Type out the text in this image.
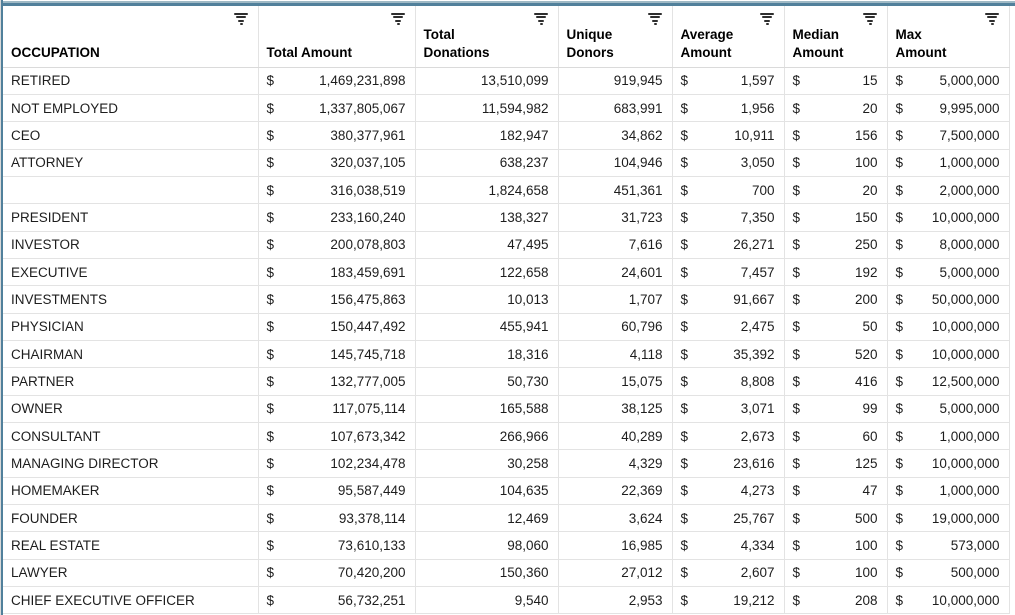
OCCUPATION	Total Amount	Total Donations	Unique Donors	Average Amount	Median Amount	Max Amount
RETIRED	$ 1,469,231,898	13,510,099	919,945	$ 1,597	$ 15	$ 5,000,000

NOT EMPLOYED	$ 1,337,805,067	11,594,982	683,991	$ 1,956	$ 20	$ 9,995,000

CEO	$ 380,377,961	182,947	34,862	$ 10,911	$ 156	$ 7,500,000

ATTORNEY	$ 320,037,105	638,237	104,946	$ 3,050	$ 100	$ 1,000,000

	$ 316,038,519	1,824,658	451,361	$ 700	$ 20	$ 2,000,000

PRESIDENT	$ 233,160,240	138,327	31,723	$ 7,350	$ 150	$ 10,000,000

INVESTOR	$ 200,078,803	47,495	7,616	$ 26,271	$ 250	$ 8,000,000

EXECUTIVE	$ 183,459,691	122,658	24,601	$ 7,457	$ 192	$ 5,000,000

INVESTMENTS	$ 156,475,863	10,013	1,707	$ 91,667	$ 200	$ 50,000,000

PHYSICIAN	$ 150,447,492	455,941	60,796	$ 2,475	$ 50	$ 10,000,000

CHAIRMAN	$ 145,745,718	18,316	4,118	$ 35,392	$ 520	$ 10,000,000

PARTNER	$ 132,777,005	50,730	15,075	$ 8,808	$ 416	$ 12,500,000

OWNER	$ 117,075,114	165,588	38,125	$ 3,071	$ 99	$ 5,000,000

CONSULTANT	$ 107,673,342	266,966	40,289	$ 2,673	$ 60	$ 1,000,000

MANAGING DIRECTOR	$ 102,234,478	30,258	4,329	$ 23,616	$ 125	$ 10,000,000

HOMEMAKER	$ 95,587,449	104,635	22,369	$ 4,273	$ 47	$ 1,000,000

FOUNDER	$ 93,378,114	12,469	3,624	$ 25,767	$ 500	$ 19,000,000

REAL ESTATE	$ 73,610,133	98,060	16,985	$ 4,334	$ 100	$ 573,000

LAWYER	$ 70,420,200	150,360	27,012	$ 2,607	$ 100	$ 500,000

CHIEF EXECUTIVE OFFICER	$ 56,732,251	9,540	2,953	$ 19,212	$ 208	$ 10,000,000
